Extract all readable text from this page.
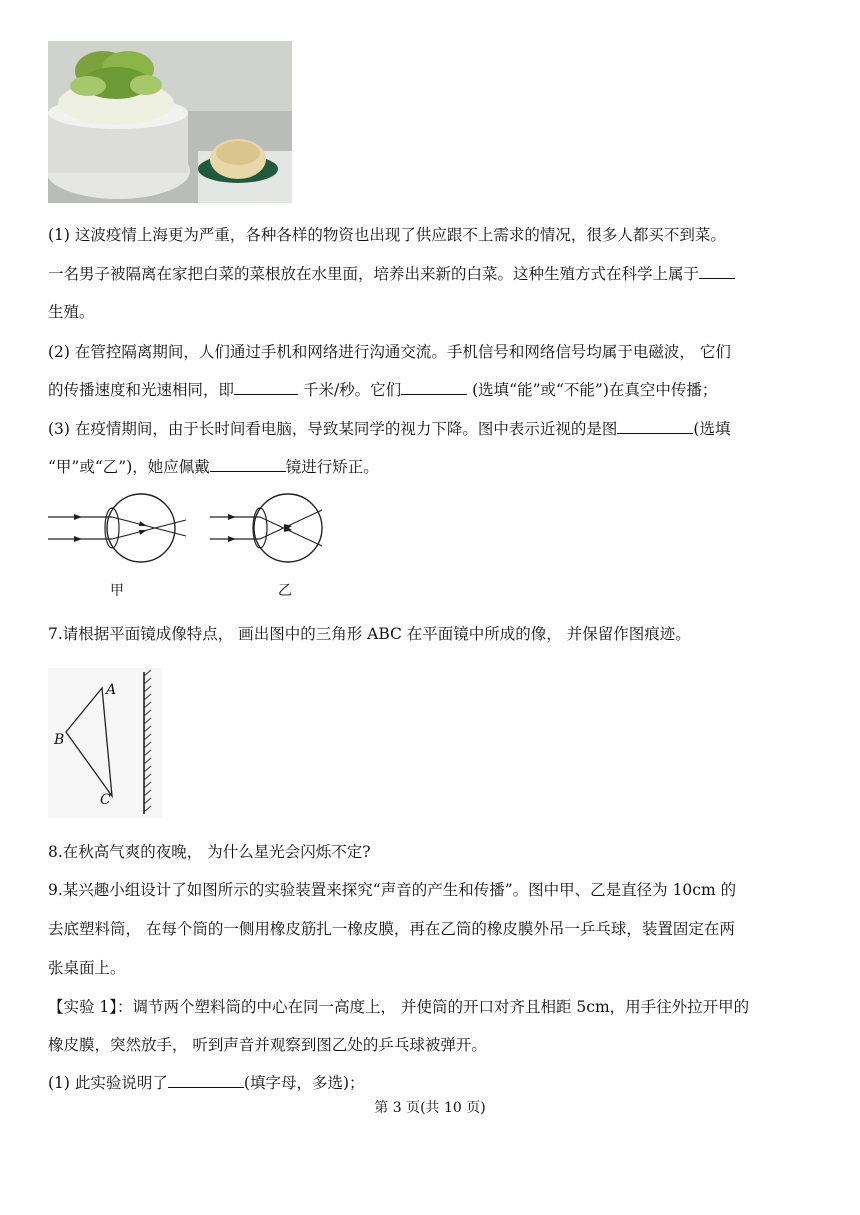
(1) 这波疫情上海更为严重，各种各样的物资也出现了供应跟不上需求的情况，很多人都买不到菜。
一名男子被隔离在家把白菜的菜根放在水里面，培养出来新的白菜。这种生殖方式在科学上属于
生殖。
(2) 在管控隔离期间，人们通过手机和网络进行沟通交流。手机信号和网络信号均属于电磁波， 它们
的传播速度和光速相同，即	千米/秒。它们	(选填“能”或“不能”)在真空中传播；
(3) 在疫情期间，由于长时间看电脑，导致某同学的视力下降。图中表示近视的是图	(选填
“甲”或“乙”)，她应佩戴	镜进行矫正。
甲	乙
7.请根据平面镜成像特点， 画出图中的三角形 ABC 在平面镜中所成的像， 并保留作图痕迹。
A
B
C
8.在秋高气爽的夜晚， 为什么星光会闪烁不定?
9.某兴趣小组设计了如图所示的实验装置来探究“声音的产生和传播”。图中甲、乙是直径为 10cm 的
去底塑料筒， 在每个筒的一侧用橡皮筋扎一橡皮膜，再在乙筒的橡皮膜外吊一乒乓球，装置固定在两
张桌面上。
【实验 1】：调节两个塑料筒的中心在同一高度上， 并使筒的开口对齐且相距 5cm，用手往外拉开甲的
橡皮膜，突然放手， 听到声音并观察到图乙处的乒乓球被弹开。
(1) 此实验说明了	(填字母，多选)；
第 3 页(共 10 页)
